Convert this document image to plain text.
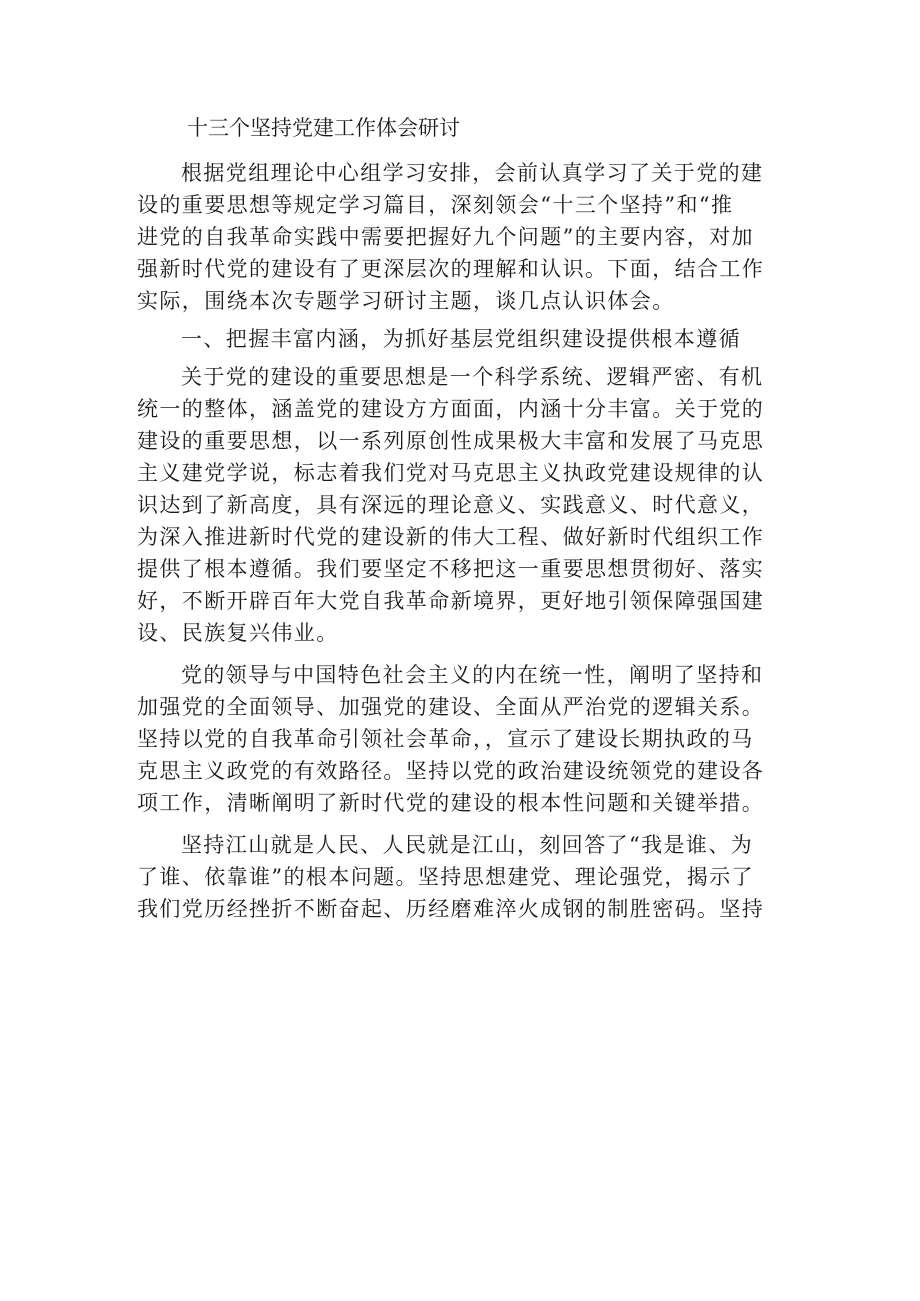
十三个坚持党建工作体会研讨
根据党组理论中心组学习安排，会前认真学习了关于党的建
设的重要思想等规定学习篇目，深刻领会“十三个坚持”和“推
进党的自我革命实践中需要把握好九个问题”的主要内容，对加
强新时代党的建设有了更深层次的理解和认识。下面，结合工作
实际，围绕本次专题学习研讨主题，谈几点认识体会。
一、把握丰富内涵，为抓好基层党组织建设提供根本遵循
关于党的建设的重要思想是一个科学系统、逻辑严密、有机
统一的整体，涵盖党的建设方方面面，内涵十分丰富。关于党的
建设的重要思想，以一系列原创性成果极大丰富和发展了马克思
主义建党学说，标志着我们党对马克思主义执政党建设规律的认
识达到了新高度，具有深远的理论意义、实践意义、时代意义，
为深入推进新时代党的建设新的伟大工程、做好新时代组织工作
提供了根本遵循。我们要坚定不移把这一重要思想贯彻好、落实
好，不断开辟百年大党自我革命新境界，更好地引领保障强国建
设、民族复兴伟业。
党的领导与中国特色社会主义的内在统一性，阐明了坚持和
加强党的全面领导、加强党的建设、全面从严治党的逻辑关系。
坚持以党的自我革命引领社会革命，，宣示了建设长期执政的马
克思主义政党的有效路径。坚持以党的政治建设统领党的建设各
项工作，清晰阐明了新时代党的建设的根本性问题和关键举措。
坚持江山就是人民、人民就是江山，刻回答了“我是谁、为
了谁、依靠谁”的根本问题。坚持思想建党、理论强党，揭示了
我们党历经挫折不断奋起、历经磨难淬火成钢的制胜密码。坚持
